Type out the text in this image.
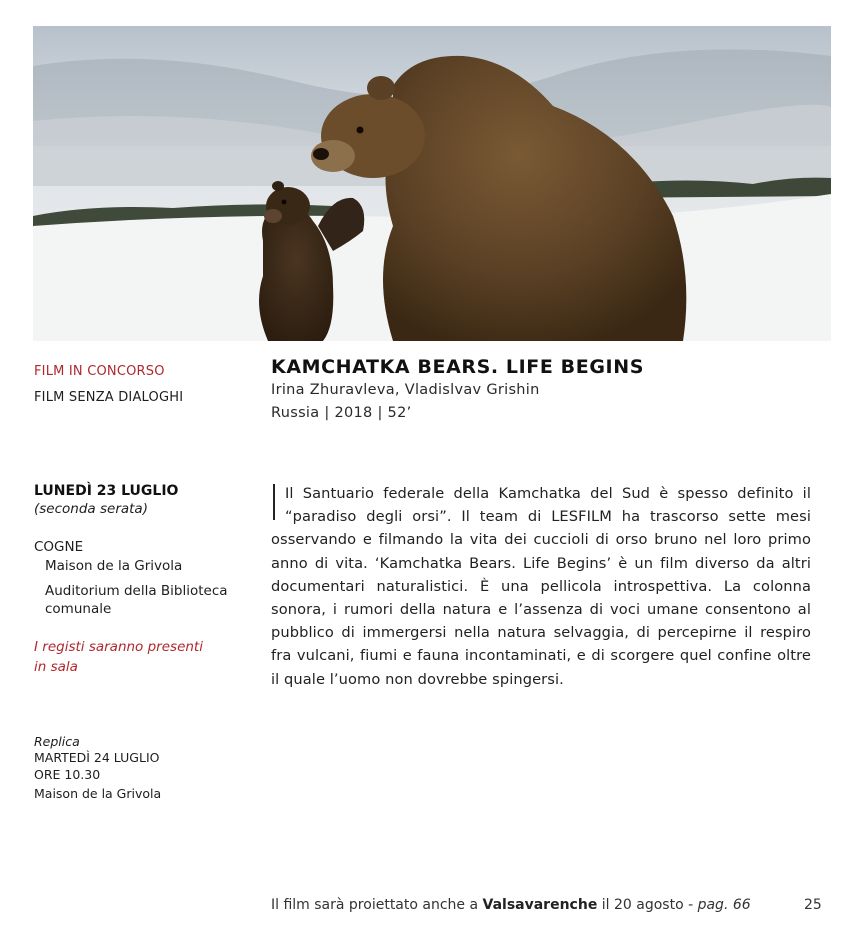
FILM IN CONCORSO
FILM SENZA DIALOGHI
KAMCHATKA BEARS. LIFE BEGINS
Irina Zhuravleva, Vladislvav Grishin
Russia | 2018 | 52’
LUNEDÌ 23 LUGLIO
(seconda serata)
COGNE
Maison de la Grivola
Auditorium della Biblioteca
comunale
I registi saranno presenti
in sala
Replica
MARTEDÌ 24 LUGLIO
ORE 10.30
Maison de la Grivola
Il Santuario federale della Kamchatka del Sud è spesso definito il “paradiso degli orsi”. Il team di LESFILM ha trascorso sette mesi osservando e filmando la vita dei cuccioli di orso bruno nel loro primo anno di vita. ‘Kamchatka Bears. Life Begins’ è un film diverso da altri documentari naturalistici. È una pellicola introspettiva. La colonna sonora, i rumori della natura e l’assenza di voci umane consentono al pubblico di immergersi nella natura selvaggia, di percepirne il respiro fra vulcani, fiumi e fauna incontaminati, e di scorgere quel confine oltre il quale l’uomo non dovrebbe spingersi.
Il film sarà proiettato anche a Valsavarenche il 20 agosto - pag. 66	25
